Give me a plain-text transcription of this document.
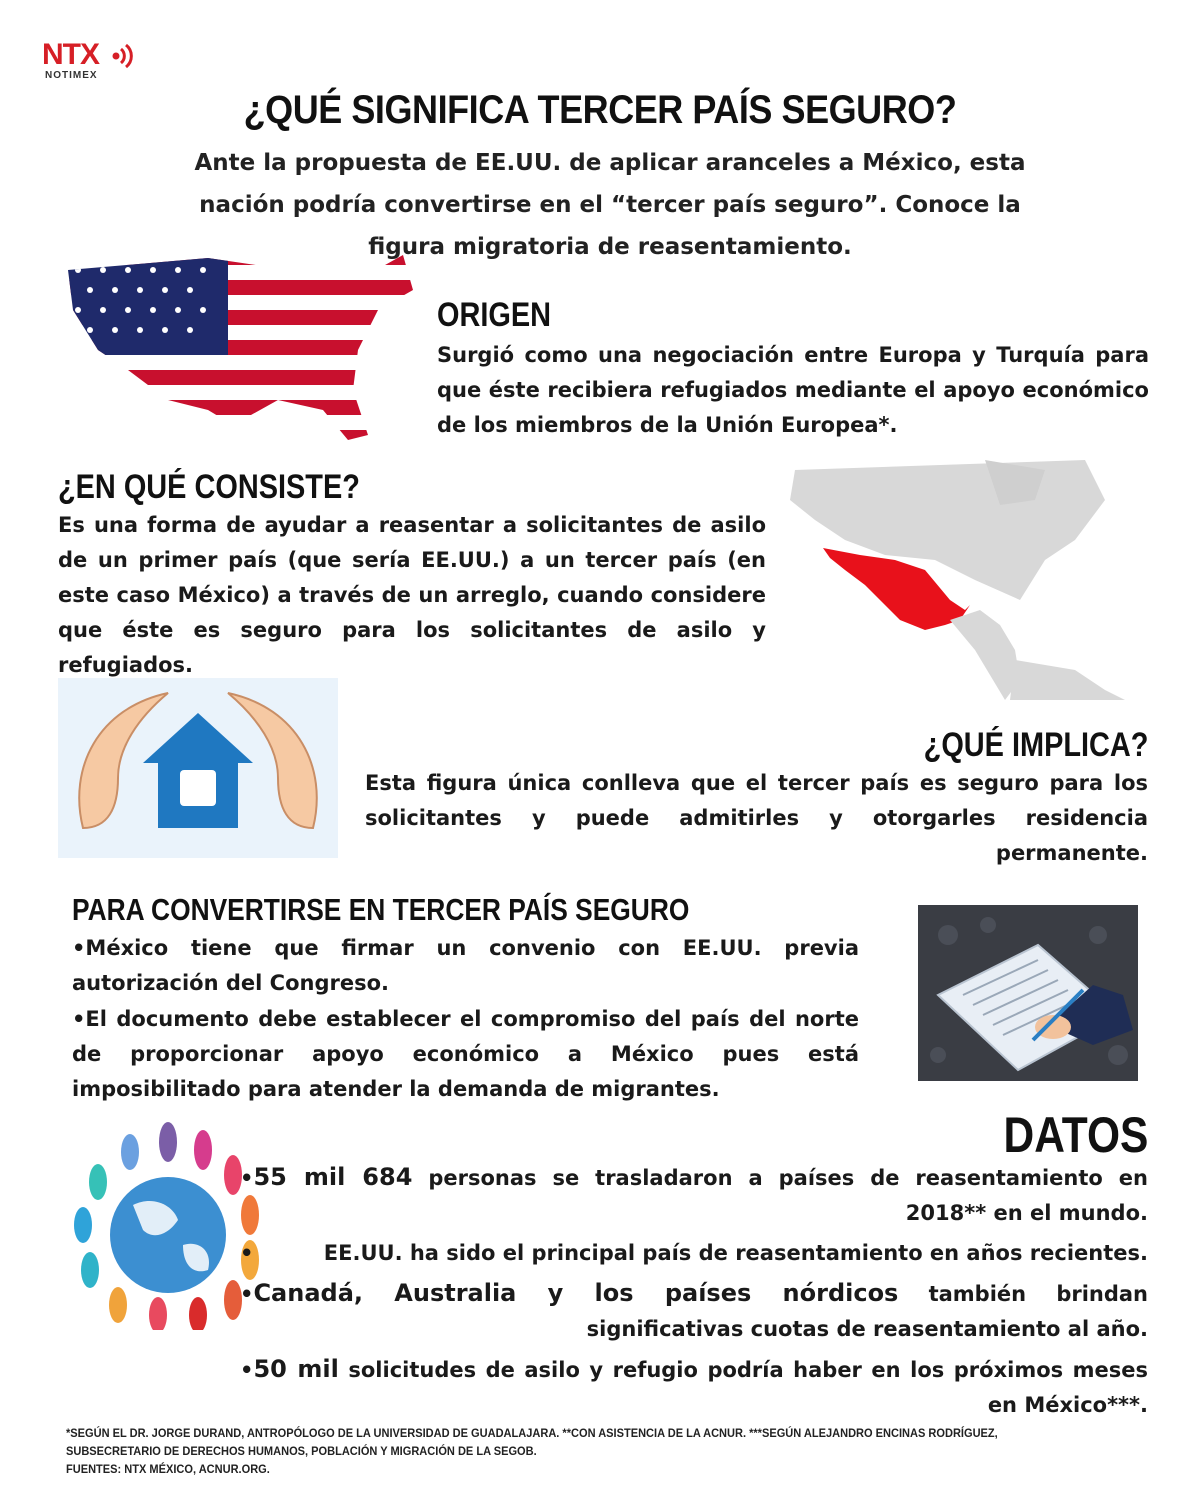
NTX
NOTIMEX
¿QUÉ SIGNIFICA TERCER PAÍS SEGURO?
Ante la propuesta de EE.UU. de aplicar aranceles a México, esta nación podría convertirse en el “tercer país seguro”. Conoce la figura migratoria de reasentamiento.
ORIGEN
Surgió como una negociación entre Europa y Turquía para que éste recibiera refugiados mediante el apoyo económico de los miembros de la Unión Europea*.
¿EN QUÉ CONSISTE?
Es una forma de ayudar a reasentar a solicitantes de asilo de un primer país (que sería EE.UU.) a un tercer país (en este caso México) a través de un arreglo, cuando considere que éste es seguro para los solicitantes de asilo y refugiados.
¿QUÉ IMPLICA?
Esta figura única conlleva que el tercer país es seguro para los solicitantes y puede admitirles y otorgarles residencia permanente.
PARA CONVERTIRSE EN TERCER PAÍS SEGURO
•México tiene que firmar un convenio con EE.UU. previa autorización del Congreso.
•El documento debe establecer el compromiso del país del norte de proporcionar apoyo económico a México pues está imposibilitado para atender la demanda de migrantes.
DATOS
•55 mil 684 personas se trasladaron a países de reasentamiento en 2018** en el mundo.
•	EE.UU. ha sido el principal país de reasentamiento en años recientes.
•Canadá, Australia y los países nórdicos también brindan significativas cuotas de reasentamiento al año.
•50 mil solicitudes de asilo y refugio podría haber en los próximos meses en México***.
*SEGÚN EL DR. JORGE DURAND, ANTROPÓLOGO DE LA UNIVERSIDAD DE GUADALAJARA. **CON ASISTENCIA DE LA ACNUR. ***SEGÚN ALEJANDRO ENCINAS RODRÍGUEZ, SUBSECRETARIO DE DERECHOS HUMANOS, POBLACIÓN Y MIGRACIÓN DE LA SEGOB.
FUENTES: NTX MÉXICO, ACNUR.ORG.
